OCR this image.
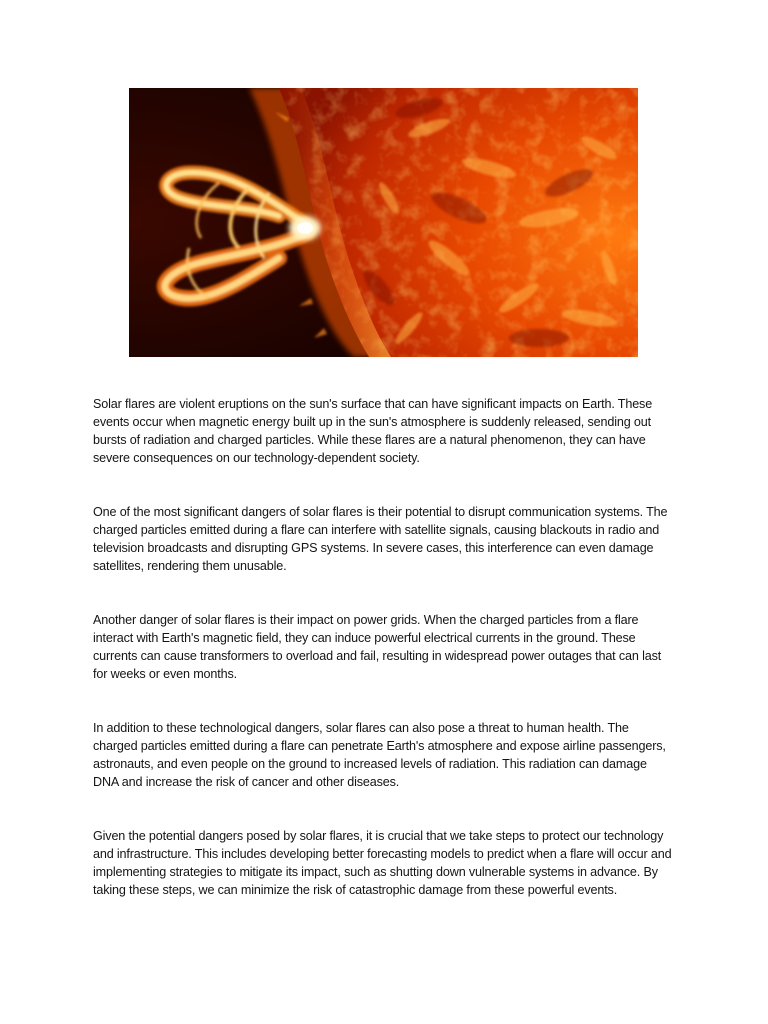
Solar flares are violent eruptions on the sun's surface that can have significant impacts on Earth. These events occur when magnetic energy built up in the sun's atmosphere is suddenly released, sending out bursts of radiation and charged particles. While these flares are a natural phenomenon, they can have severe consequences on our technology-dependent society.

One of the most significant dangers of solar flares is their potential to disrupt communication systems. The charged particles emitted during a flare can interfere with satellite signals, causing blackouts in radio and television broadcasts and disrupting GPS systems. In severe cases, this interference can even damage satellites, rendering them unusable.

Another danger of solar flares is their impact on power grids. When the charged particles from a flare interact with Earth's magnetic field, they can induce powerful electrical currents in the ground. These currents can cause transformers to overload and fail, resulting in widespread power outages that can last for weeks or even months.

In addition to these technological dangers, solar flares can also pose a threat to human health. The charged particles emitted during a flare can penetrate Earth's atmosphere and expose airline passengers, astronauts, and even people on the ground to increased levels of radiation. This radiation can damage DNA and increase the risk of cancer and other diseases.

Given the potential dangers posed by solar flares, it is crucial that we take steps to protect our technology and infrastructure. This includes developing better forecasting models to predict when a flare will occur and implementing strategies to mitigate its impact, such as shutting down vulnerable systems in advance. By taking these steps, we can minimize the risk of catastrophic damage from these powerful events.
